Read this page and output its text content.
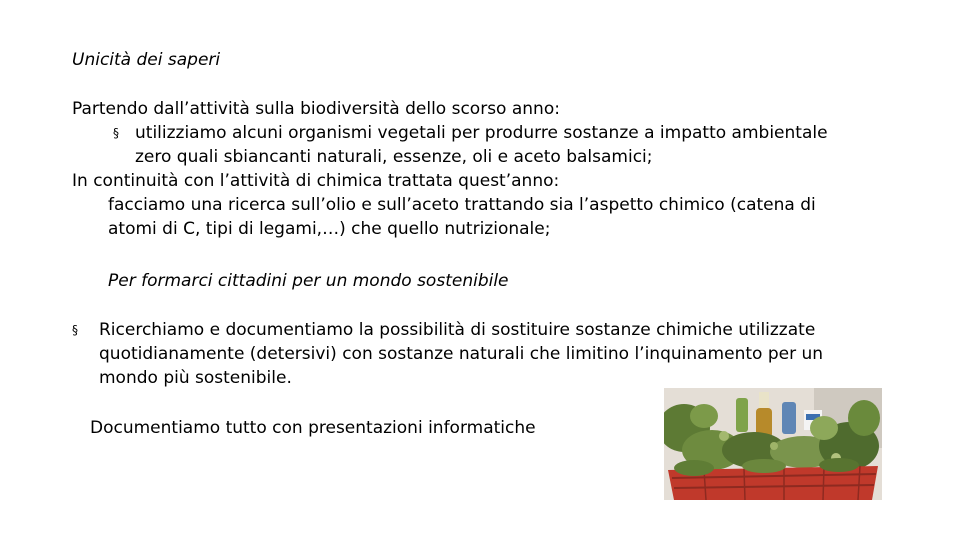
Unicità dei saperi
Partendo dall’attività sulla biodiversità dello scorso anno:
§ utilizziamo alcuni organismi vegetali per produrre sostanze a impatto ambientale
zero quali sbiancanti naturali, essenze, oli e aceto balsamici;
In continuità con l’attività di chimica trattata quest’anno:
facciamo una ricerca sull’olio e sull’aceto trattando sia l’aspetto chimico (catena di
atomi di C, tipi di legami,…) che quello nutrizionale;
Per formarci cittadini per un mondo sostenibile
§ Ricerchiamo e documentiamo la possibilità di sostituire sostanze chimiche utilizzate
quotidianamente (detersivi) con sostanze naturali che limitino l’inquinamento per un
mondo più sostenibile.
Documentiamo tutto con presentazioni informatiche
